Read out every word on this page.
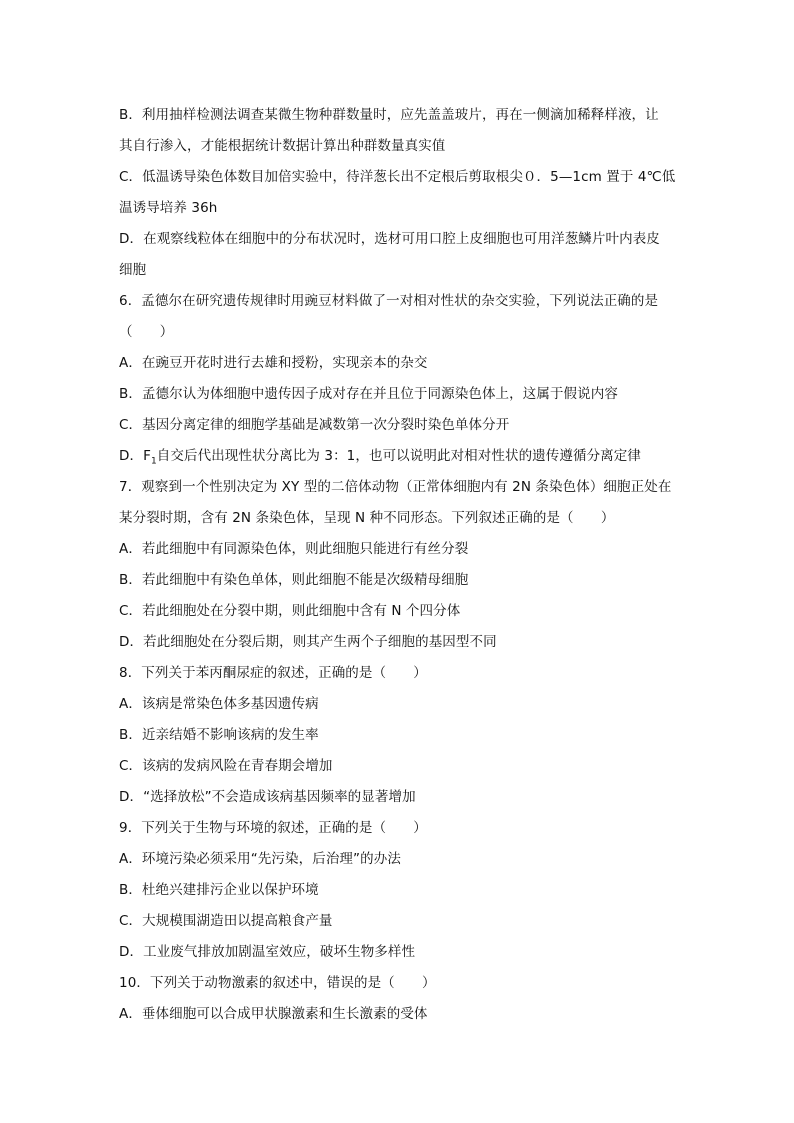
B．利用抽样检测法调查某微生物种群数量时，应先盖盖玻片，再在一侧滴加稀释样液，让
其自行渗入，才能根据统计数据计算出种群数量真实值
C．低温诱导染色体数目加倍实验中，待洋葱长出不定根后剪取根尖０．5—1cm 置于 4℃低
温诱导培养 36h
D．在观察线粒体在细胞中的分布状况时，选材可用口腔上皮细胞也可用洋葱鳞片叶内表皮
细胞
6．孟德尔在研究遗传规律时用豌豆材料做了一对相对性状的杂交实验，下列说法正确的是
（　　）
A．在豌豆开花时进行去雄和授粉，实现亲本的杂交
B．孟德尔认为体细胞中遗传因子成对存在并且位于同源染色体上，这属于假说内容
C．基因分离定律的细胞学基础是减数第一次分裂时染色单体分开
D．$F_1$自交后代出现性状分离比为 3：1，也可以说明此对相对性状的遗传遵循分离定律
7．观察到一个性别决定为 XY 型的二倍体动物（正常体细胞内有 2N 条染色体）细胞正处在
某分裂时期，含有 2N 条染色体，呈现 N 种不同形态。下列叙述正确的是（　　）
A．若此细胞中有同源染色体，则此细胞只能进行有丝分裂
B．若此细胞中有染色单体，则此细胞不能是次级精母细胞
C．若此细胞处在分裂中期，则此细胞中含有 N 个四分体
D．若此细胞处在分裂后期，则其产生两个子细胞的基因型不同
8．下列关于苯丙酮尿症的叙述，正确的是（　　）
A．该病是常染色体多基因遗传病
B．近亲结婚不影响该病的发生率
C．该病的发病风险在青春期会增加
D．“选择放松”不会造成该病基因频率的显著增加
9．下列关于生物与环境的叙述，正确的是（　　）
A．环境污染必须采用“先污染，后治理”的办法
B．杜绝兴建排污企业以保护环境
C．大规模围湖造田以提高粮食产量
D．工业废气排放加剧温室效应，破坏生物多样性
10．下列关于动物激素的叙述中，错误的是（　　）
A．垂体细胞可以合成甲状腺激素和生长激素的受体
